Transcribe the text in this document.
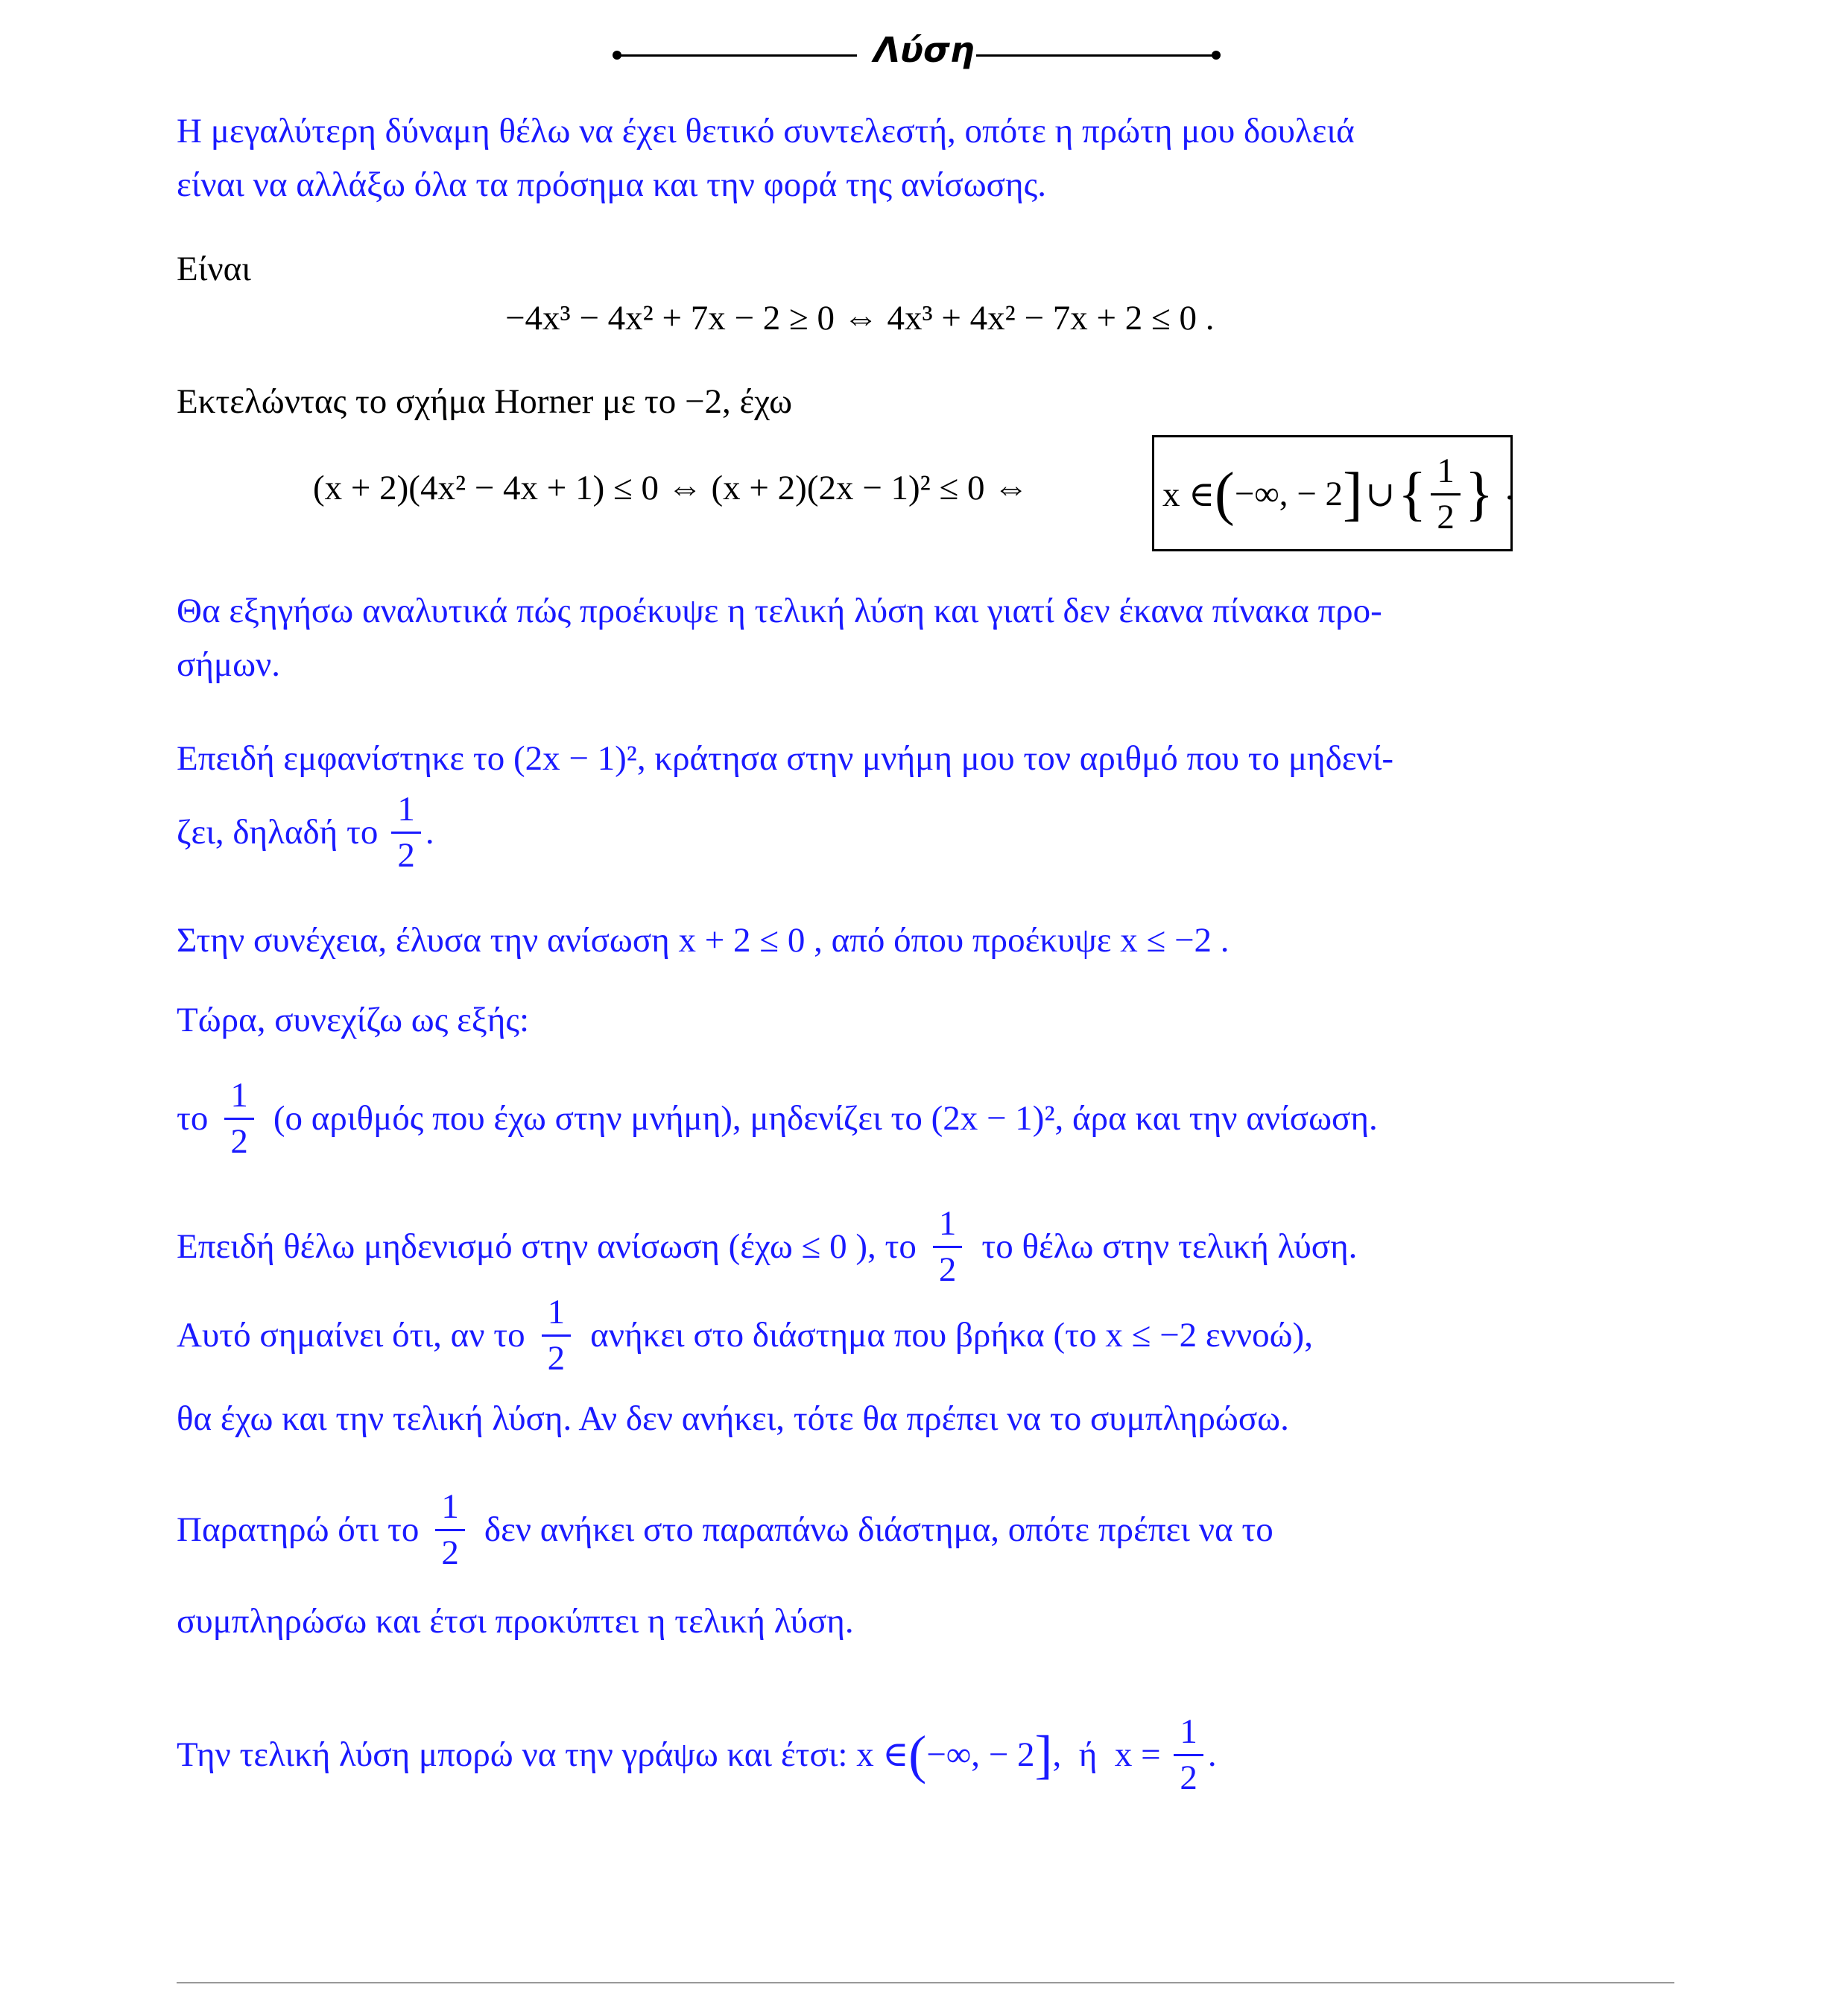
Λύση
Η μεγαλύτερη δύναμη θέλω να έχει θετικό συντελεστή, οπότε η πρώτη μου δουλειά
είναι να αλλάξω όλα τα πρόσημα και την φορά της ανίσωσης.
Είναι
−4x³ − 4x² + 7x − 2 ≥ 0 ⇔ 4x³ + 4x² − 7x + 2 ≤ 0 .
Εκτελώντας το σχήμα Horner με το −2, έχω
(x + 2)(4x² − 4x + 1) ≤ 0 ⇔ (x + 2)(2x − 1)² ≤ 0 ⇔	x ∈ ( −∞, − 2 ] ∪ { $\frac{1}{2}$ } .
Θα εξηγήσω αναλυτικά πώς προέκυψε η τελική λύση και γιατί δεν έκανα πίνακα προ-
σήμων.
Επειδή εμφανίστηκε το (2x − 1)², κράτησα στην μνήμη μου τον αριθμό που το μηδενί-
ζει, δηλαδή το $\frac{1}{2}$ .
Στην συνέχεια, έλυσα την ανίσωση x + 2 ≤ 0 , από όπου προέκυψε x ≤ −2 .
Τώρα, συνεχίζω ως εξής:
το $\frac{1}{2} (o$ αριθμός που έχω στην μνήμη), μηδενίζει το (2x − 1)², άρα και την ανίσωση.
Επειδή θέλω μηδενισμό στην ανίσωση (έχω ≤ 0 ), το $\frac{1}{2}$ το θέλω στην τελική λύση.
Αυτό σημαίνει ότι, αν το $\frac{1}{2}$ ανήκει στο διάστημα που βρήκα (το x ≤ −2 εννοώ),
θα έχω και την τελική λύση. Αν δεν ανήκει, τότε θα πρέπει να το συμπληρώσω.
Παρατηρώ ότι το $\frac{1}{2}$ δεν ανήκει στο παραπάνω διάστημα, οπότε πρέπει να το
συμπληρώσω και έτσι προκύπτει η τελική λύση.
Την τελική λύση μπορώ να την γράψω και έτσι: x ∈ ( −∞, − 2 ] ,  ή  $x = \frac{1}{2}$ .
